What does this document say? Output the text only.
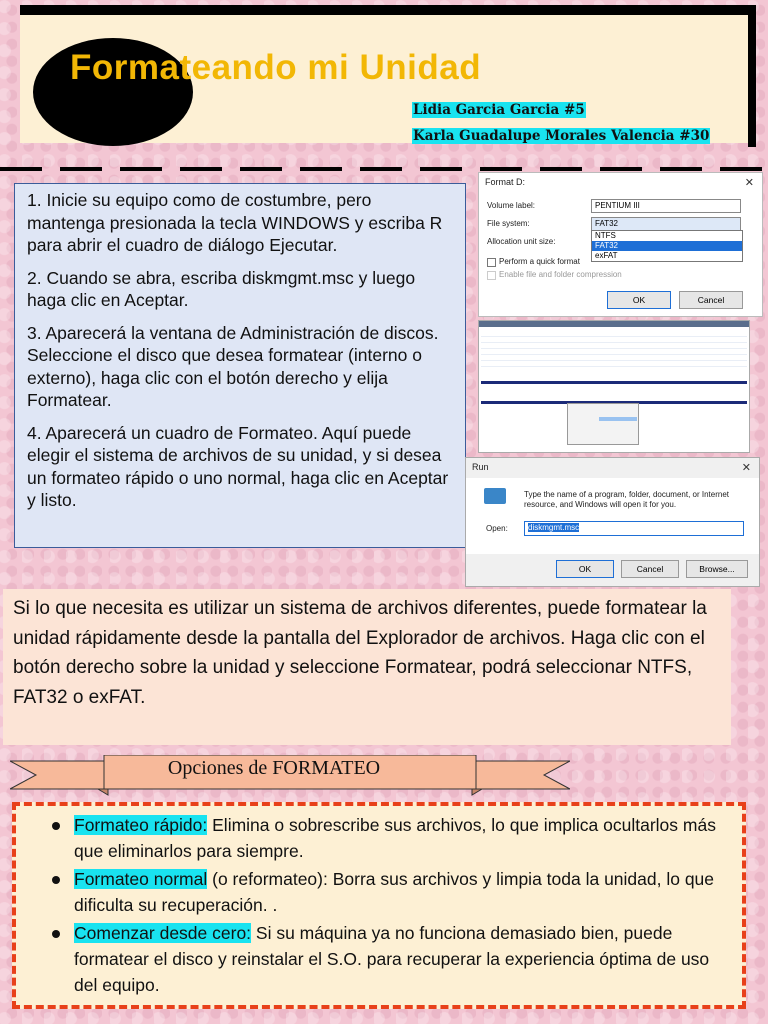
Formateando mi Unidad
Lidia Garcia Garcia #5
Karla Guadalupe Morales Valencia #30

1. Inicie su equipo como de costumbre, pero mantenga presionada la tecla WINDOWS y escriba R para abrir el cuadro de diálogo Ejecutar.

2. Cuando se abra, escriba diskmgmt.msc y luego haga clic en Aceptar.

3. Aparecerá la ventana de Administración de discos. Seleccione el disco que desea formatear (interno o externo), haga clic con el botón derecho y elija Formatear.

4. Aparecerá un cuadro de Formateo. Aquí puede elegir el sistema de archivos de su unidad, y si desea un formateo rápido o uno normal, haga clic en Aceptar y listo.

Format D:	✕
Volume label:	PENTIUM III
File system:	FAT32
Allocation unit size:
NTFS
FAT32
exFAT
Perform a quick format
Enable file and folder compression
OK	Cancel
Run	✕
Type the name of a program, folder, document, or Internet resource, and Windows will open it for you.
Open:	diskmgmt.msc
OK	Cancel	Browse...

Si lo que necesita es utilizar un sistema de archivos diferentes, puede formatear la unidad rápidamente desde la pantalla del Explorador de archivos. Haga clic con el botón derecho sobre la unidad y seleccione Formatear, podrá seleccionar NTFS, FAT32 o exFAT.

Opciones de FORMATEO

Formateo rápido: Elimina o sobrescribe sus archivos, lo que implica ocultarlos más que eliminarlos para siempre.

Formateo normal (o reformateo): Borra sus archivos y limpia toda la unidad, lo que dificulta su recuperación. .

Comenzar desde cero: Si su máquina ya no funciona demasiado bien, puede formatear el disco y reinstalar el S.O. para recuperar la experiencia óptima de uso del equipo.
